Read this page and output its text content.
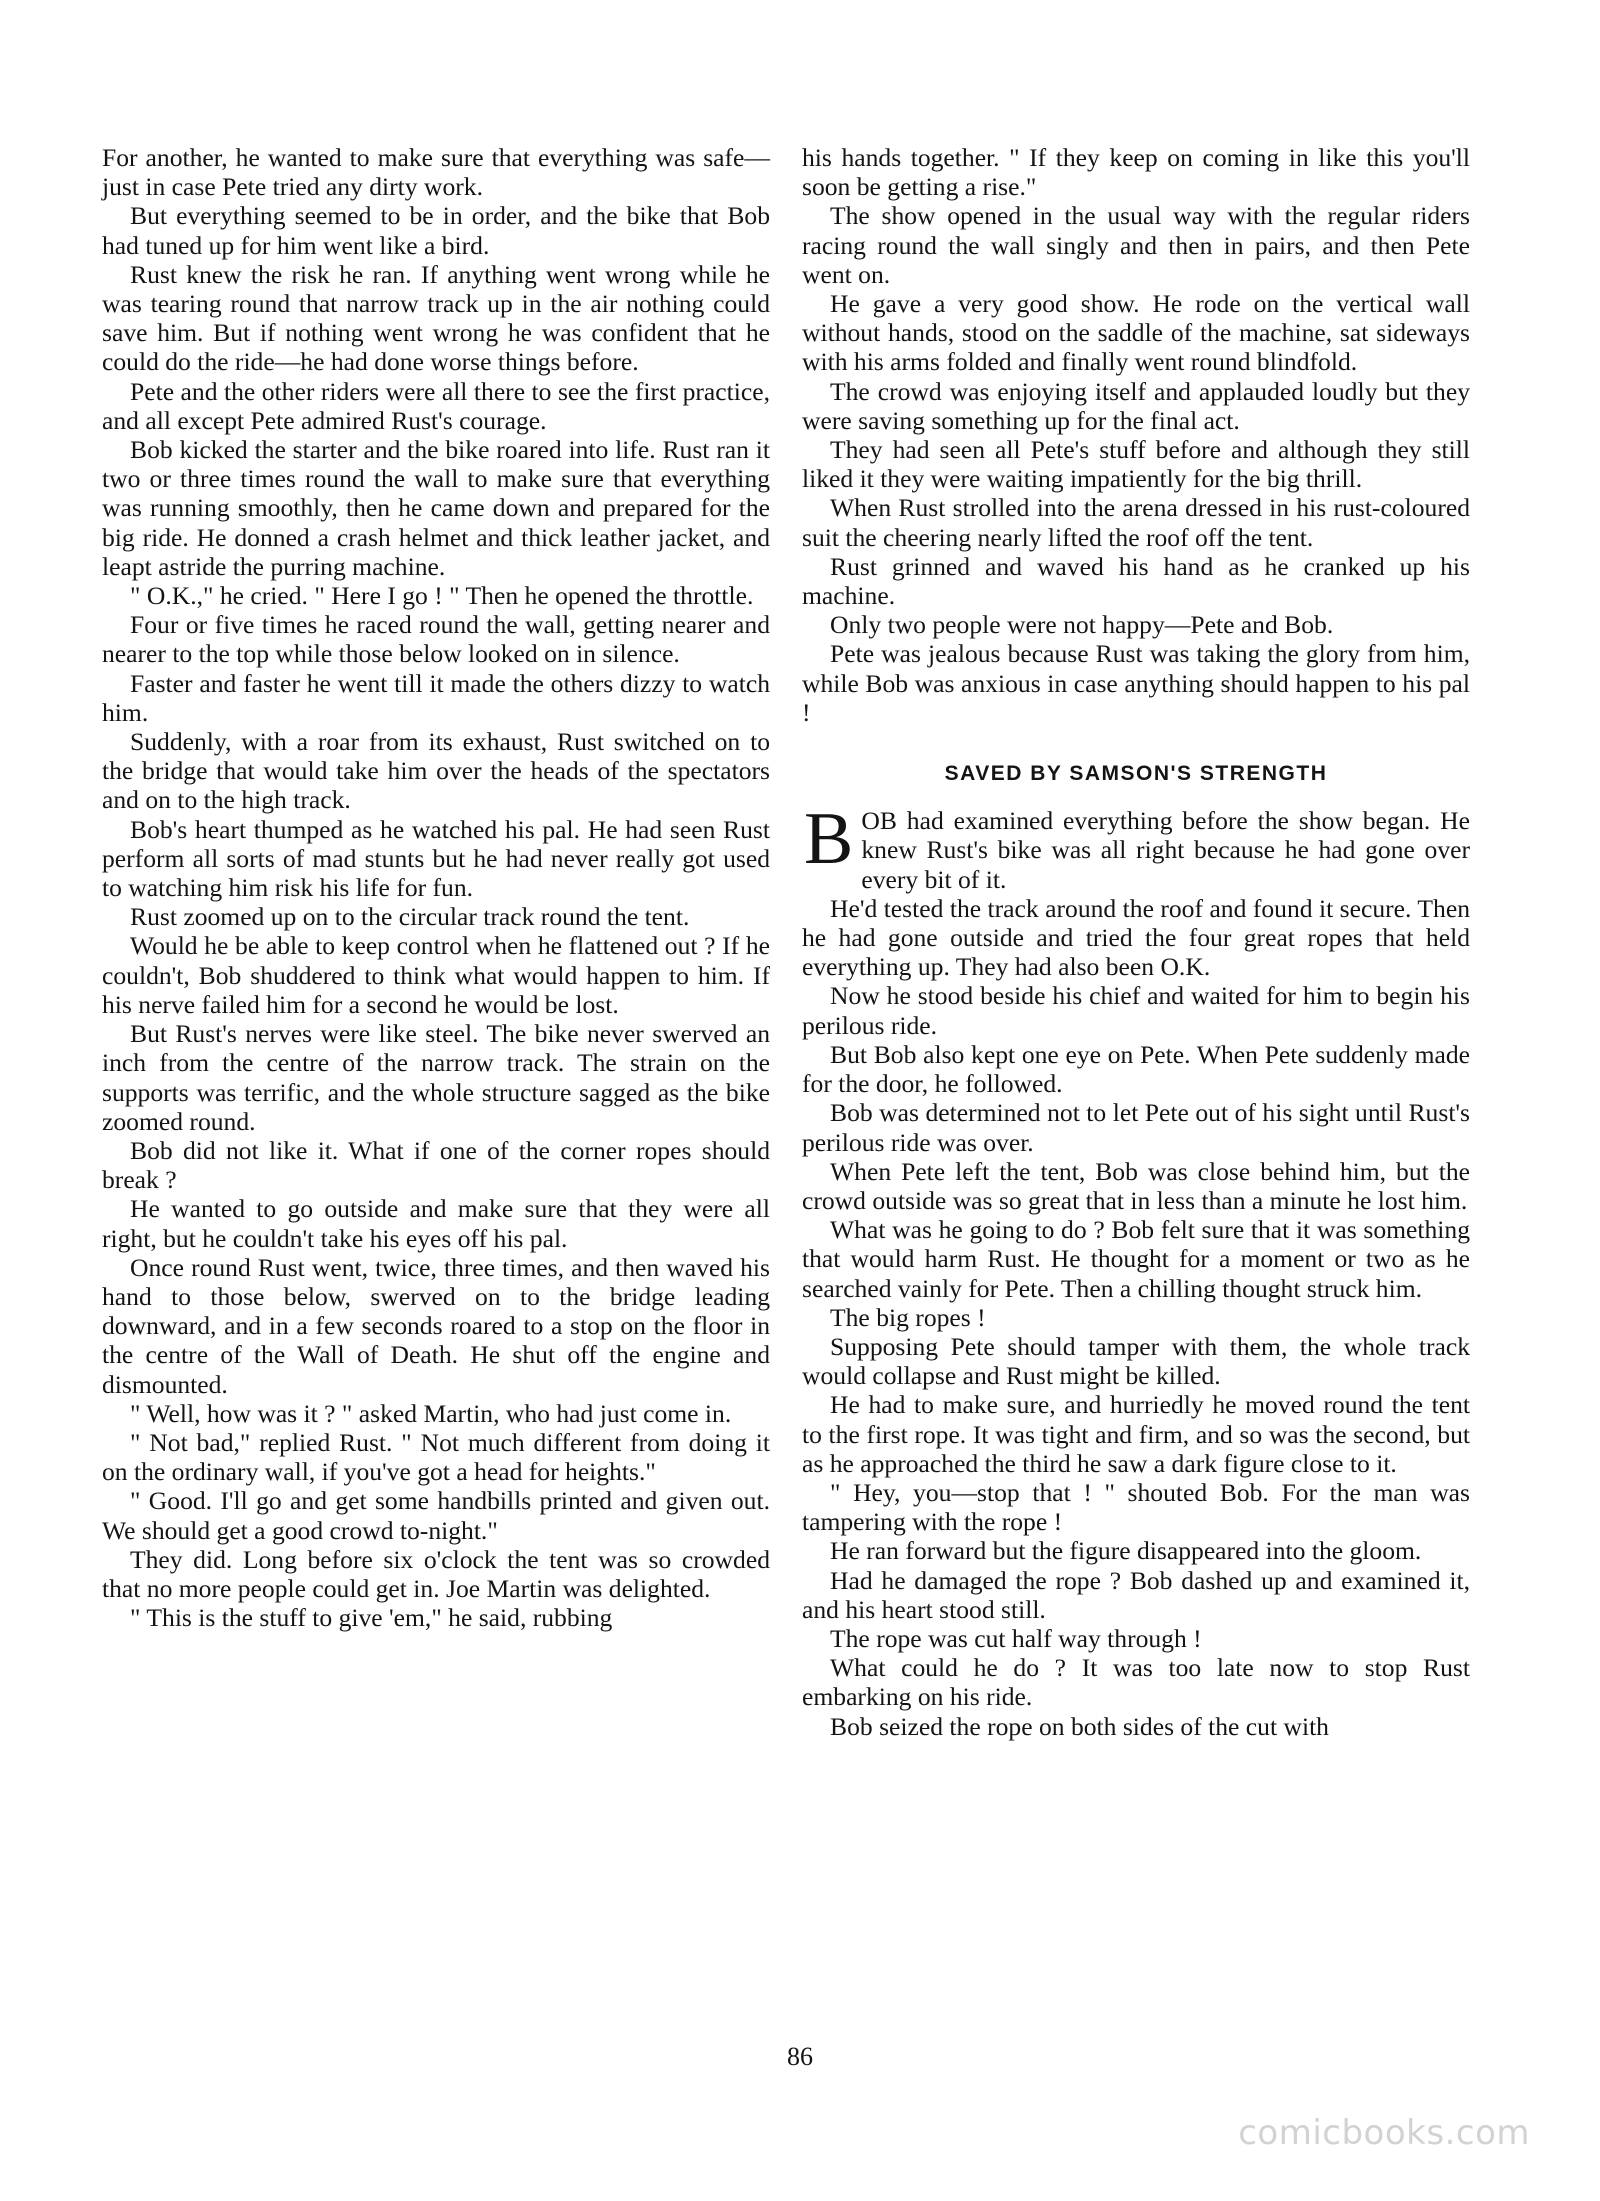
For another, he wanted to make sure that everything was safe—just in case Pete tried any dirty work.

But everything seemed to be in order, and the bike that Bob had tuned up for him went like a bird.

Rust knew the risk he ran. If anything went wrong while he was tearing round that narrow track up in the air nothing could save him. But if nothing went wrong he was confident that he could do the ride—he had done worse things before.

Pete and the other riders were all there to see the first practice, and all except Pete admired Rust's courage.

Bob kicked the starter and the bike roared into life. Rust ran it two or three times round the wall to make sure that everything was running smoothly, then he came down and prepared for the big ride. He donned a crash helmet and thick leather jacket, and leapt astride the purring machine.

" O.K.," he cried. " Here I go ! " Then he opened the throttle.

Four or five times he raced round the wall, getting nearer and nearer to the top while those below looked on in silence.

Faster and faster he went till it made the others dizzy to watch him.

Suddenly, with a roar from its exhaust, Rust switched on to the bridge that would take him over the heads of the spectators and on to the high track.

Bob's heart thumped as he watched his pal. He had seen Rust perform all sorts of mad stunts but he had never really got used to watching him risk his life for fun.

Rust zoomed up on to the circular track round the tent.

Would he be able to keep control when he flattened out ? If he couldn't, Bob shuddered to think what would happen to him. If his nerve failed him for a second he would be lost.

But Rust's nerves were like steel. The bike never swerved an inch from the centre of the narrow track. The strain on the supports was terrific, and the whole structure sagged as the bike zoomed round.

Bob did not like it. What if one of the corner ropes should break ?

He wanted to go outside and make sure that they were all right, but he couldn't take his eyes off his pal.

Once round Rust went, twice, three times, and then waved his hand to those below, swerved on to the bridge leading downward, and in a few seconds roared to a stop on the floor in the centre of the Wall of Death. He shut off the engine and dismounted.

" Well, how was it ? " asked Martin, who had just come in.

" Not bad," replied Rust. " Not much different from doing it on the ordinary wall, if you've got a head for heights."

" Good. I'll go and get some handbills printed and given out. We should get a good crowd to-night."

They did. Long before six o'clock the tent was so crowded that no more people could get in. Joe Martin was delighted.

" This is the stuff to give 'em," he said, rubbing

his hands together. " If they keep on coming in like this you'll soon be getting a rise."

The show opened in the usual way with the regular riders racing round the wall singly and then in pairs, and then Pete went on.

He gave a very good show. He rode on the vertical wall without hands, stood on the saddle of the machine, sat sideways with his arms folded and finally went round blindfold.

The crowd was enjoying itself and applauded loudly but they were saving something up for the final act.

They had seen all Pete's stuff before and although they still liked it they were waiting impatiently for the big thrill.

When Rust strolled into the arena dressed in his rust-coloured suit the cheering nearly lifted the roof off the tent.

Rust grinned and waved his hand as he cranked up his machine.

Only two people were not happy—Pete and Bob.

Pete was jealous because Rust was taking the glory from him, while Bob was anxious in case anything should happen to his pal !

SAVED BY SAMSON'S STRENGTH

B OB had examined everything before the show began. He knew Rust's bike was all right because he had gone over every bit of it.

He'd tested the track around the roof and found it secure. Then he had gone outside and tried the four great ropes that held everything up. They had also been O.K.

Now he stood beside his chief and waited for him to begin his perilous ride.

But Bob also kept one eye on Pete. When Pete suddenly made for the door, he followed.

Bob was determined not to let Pete out of his sight until Rust's perilous ride was over.

When Pete left the tent, Bob was close behind him, but the crowd outside was so great that in less than a minute he lost him.

What was he going to do ? Bob felt sure that it was something that would harm Rust. He thought for a moment or two as he searched vainly for Pete. Then a chilling thought struck him.

The big ropes !

Supposing Pete should tamper with them, the whole track would collapse and Rust might be killed.

He had to make sure, and hurriedly he moved round the tent to the first rope. It was tight and firm, and so was the second, but as he approached the third he saw a dark figure close to it.

" Hey, you—stop that ! " shouted Bob. For the man was tampering with the rope !

He ran forward but the figure disappeared into the gloom.

Had he damaged the rope ? Bob dashed up and examined it, and his heart stood still.

The rope was cut half way through !

What could he do ? It was too late now to stop Rust embarking on his ride.

Bob seized the rope on both sides of the cut with

86
comicbooks.com
